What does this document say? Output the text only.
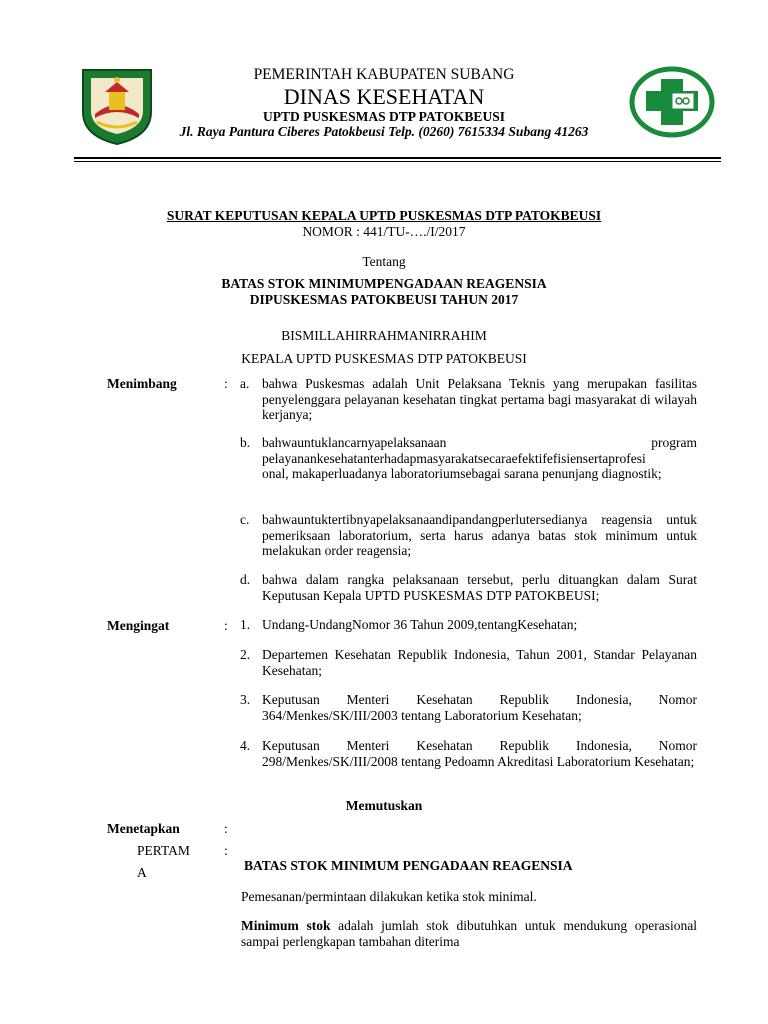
PEMERINTAH KABUPATEN SUBANG
DINAS KESEHATAN
UPTD PUSKESMAS DTP PATOKBEUSI
Jl. Raya Pantura Ciberes Patokbeusi Telp. (0260) 7615334 Subang 41263
SURAT KEPUTUSAN KEPALA UPTD PUSKESMAS DTP PATOKBEUSI
NOMOR : 441/TU-…./I/2017
Tentang
BATAS STOK MINIMUMPENGADAAN REAGENSIA
DIPUSKESMAS PATOKBEUSI TAHUN 2017
BISMILLAHIRRAHMANIRRAHIM
KEPALA UPTD PUSKESMAS DTP PATOKBEUSI
Menimbang	: a. bahwa Puskesmas adalah Unit Pelaksana Teknis yang merupakan fasilitas penyelenggara pelayanan kesehatan tingkat pertama bagi masyarakat di wilayah kerjanya;
b. bahwauntuklancarnyapelaksanaan	program
pelayanankesehatanterhadapmasyarakatsecaraefektifefisiensertaprofesi
onal, makaperluadanya laboratoriumsebagai sarana penunjang diagnostik;
c. bahwauntuktertibnyapelaksanaandipandangperlutersedianya reagensia untuk pemeriksaan laboratorium, serta harus adanya batas stok minimum untuk melakukan order reagensia;
d. bahwa dalam rangka pelaksanaan tersebut, perlu dituangkan dalam Surat Keputusan Kepala UPTD PUSKESMAS DTP PATOKBEUSI;
Mengingat	: 1. Undang-UndangNomor 36 Tahun 2009,tentangKesehatan;
2. Departemen Kesehatan Republik Indonesia, Tahun 2001, Standar Pelayanan Kesehatan;
3. Keputusan Menteri Kesehatan Republik Indonesia, Nomor 364/Menkes/SK/III/2003 tentang Laboratorium Kesehatan;
4. Keputusan Menteri Kesehatan Republik Indonesia, Nomor 298/Menkes/SK/III/2008 tentang Pedoamn Akreditasi Laboratorium Kesehatan;
Memutuskan
Menetapkan	:
PERTAM
A
:
BATAS STOK MINIMUM PENGADAAN REAGENSIA
Pemesanan/permintaan dilakukan ketika stok minimal.
Minimum stok adalah jumlah stok dibutuhkan untuk mendukung operasional sampai perlengkapan tambahan diterima
